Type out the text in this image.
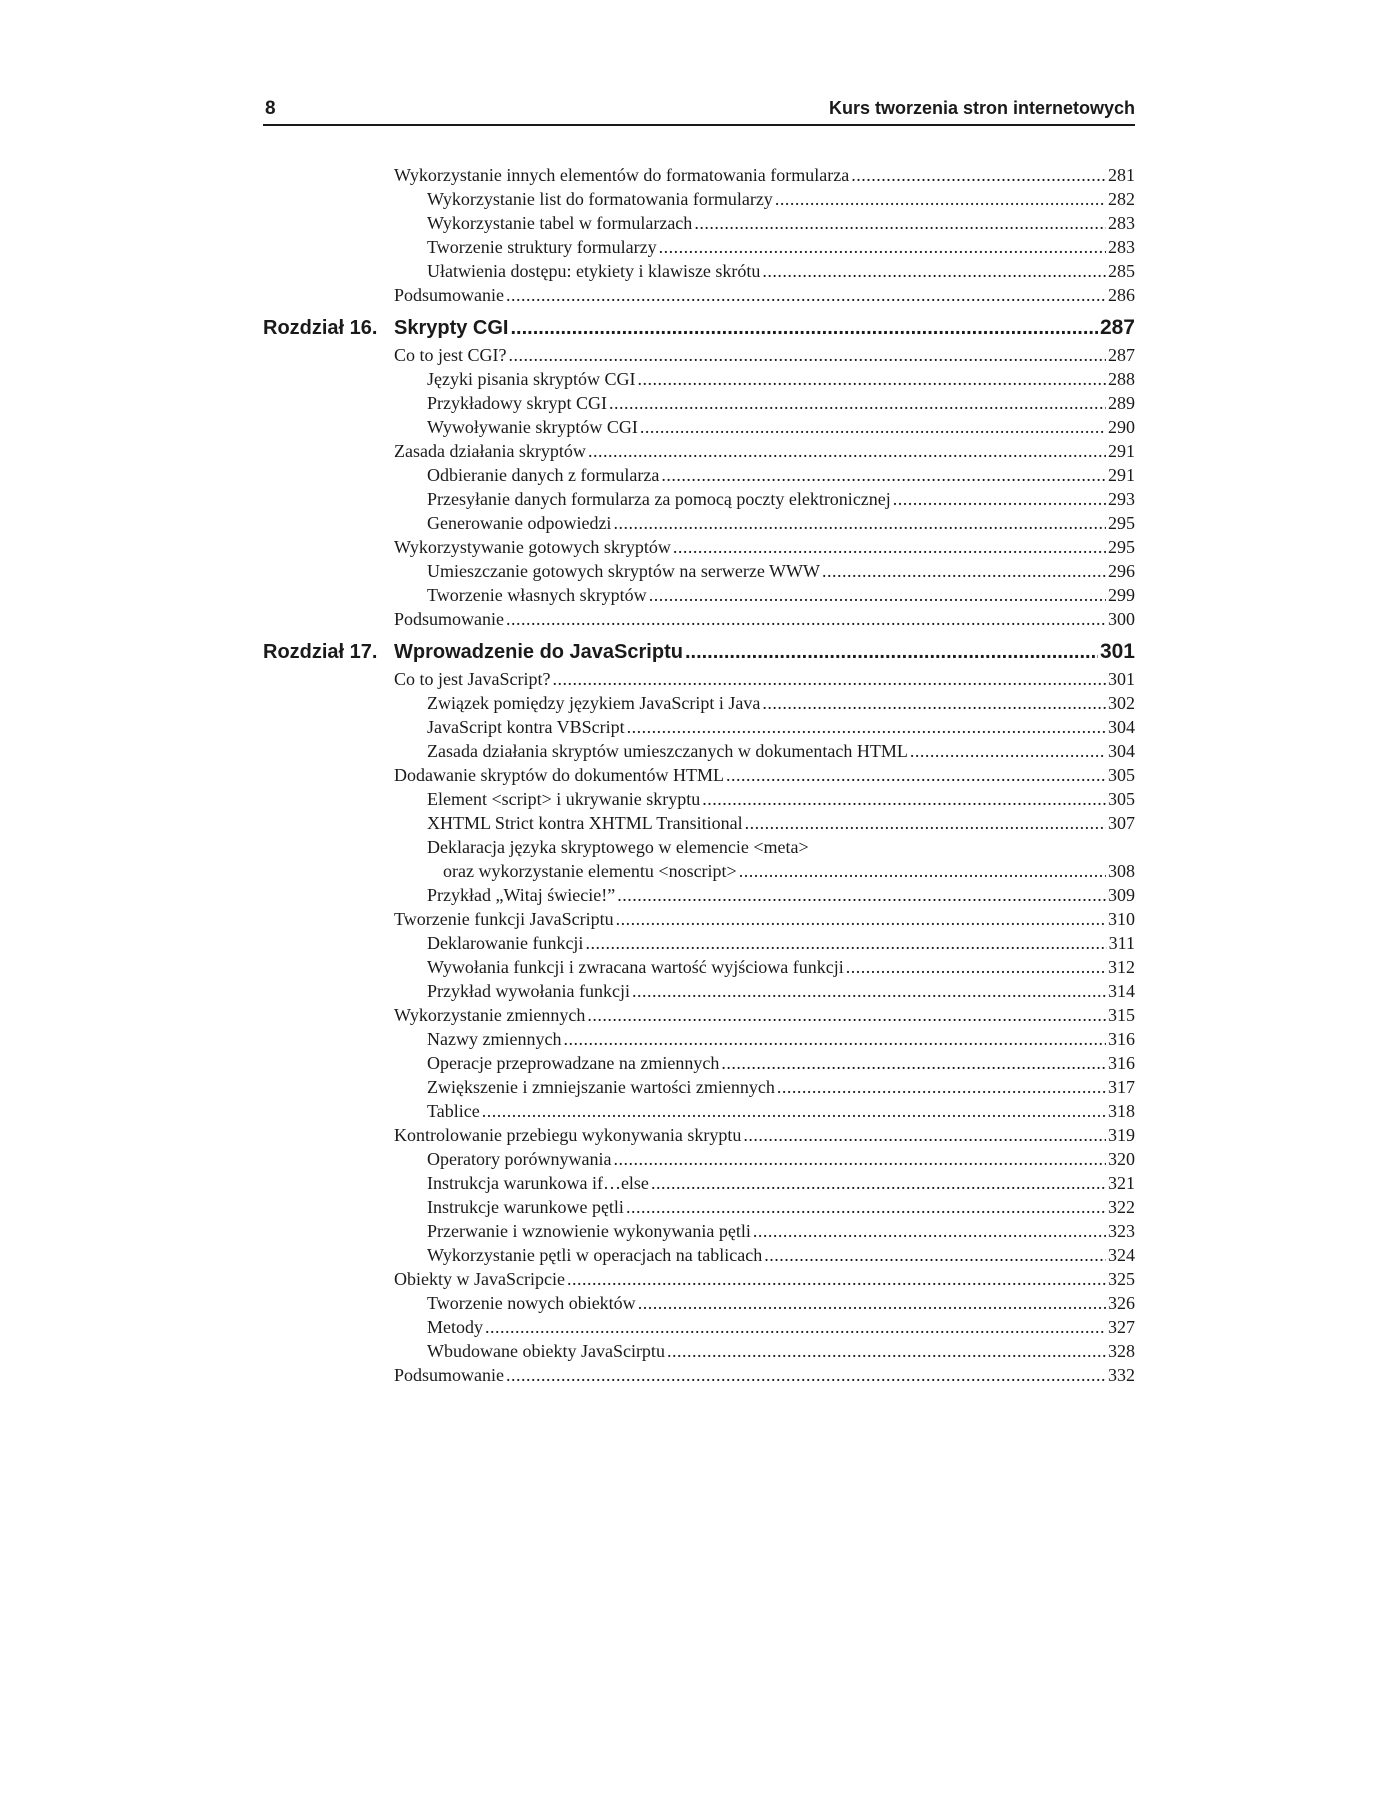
8	Kurs tworzenia stron internetowych
Wykorzystanie innych elementów do formatowania formularza . . .	281
Wykorzystanie list do formatowania formularzy . . .	282
Wykorzystanie tabel w formularzach . . .	283
Tworzenie struktury formularzy . . .	283
Ułatwienia dostępu: etykiety i klawisze skrótu . . .	285
Podsumowanie . . .	286
Rozdział 16. Skrypty CGI .....	287
Co to jest CGI? . . .	287
Języki pisania skryptów CGI . . .	288
Przykładowy skrypt CGI . . .	289
Wywoływanie skryptów CGI . . .	290
Zasada działania skryptów . . .	291
Odbieranie danych z formularza . . .	291
Przesyłanie danych formularza za pomocą poczty elektronicznej . . .	293
Generowanie odpowiedzi . . .	295
Wykorzystywanie gotowych skryptów . . .	295
Umieszczanie gotowych skryptów na serwerze WWW . . .	296
Tworzenie własnych skryptów . . .	299
Podsumowanie . . .	300
Rozdział 17. Wprowadzenie do JavaScriptu .....	301
Co to jest JavaScript? . . .	301
Związek pomiędzy językiem JavaScript i Java . . .	302
JavaScript kontra VBScript . . .	304
Zasada działania skryptów umieszczanych w dokumentach HTML . . .	304
Dodawanie skryptów do dokumentów HTML . . .	305
Element <script> i ukrywanie skryptu . . .	305
XHTML Strict kontra XHTML Transitional . . .	307
Deklaracja języka skryptowego w elemencie <meta>
oraz wykorzystanie elementu <noscript> . . .	308
Przykład „Witaj świecie!” . . .	309
Tworzenie funkcji JavaScriptu . . .	310
Deklarowanie funkcji . . .	311
Wywołania funkcji i zwracana wartość wyjściowa funkcji . . .	312
Przykład wywołania funkcji . . .	314
Wykorzystanie zmiennych . . .	315
Nazwy zmiennych . . .	316
Operacje przeprowadzane na zmiennych . . .	316
Zwiększenie i zmniejszanie wartości zmiennych . . .	317
Tablice . . .	318
Kontrolowanie przebiegu wykonywania skryptu . . .	319
Operatory porównywania . . .	320
Instrukcja warunkowa if…else . . .	321
Instrukcje warunkowe pętli . . .	322
Przerwanie i wznowienie wykonywania pętli . . .	323
Wykorzystanie pętli w operacjach na tablicach . . .	324
Obiekty w JavaScripcie . . .	325
Tworzenie nowych obiektów . . .	326
Metody . . .	327
Wbudowane obiekty JavaScirptu . . .	328
Podsumowanie . . .	332
